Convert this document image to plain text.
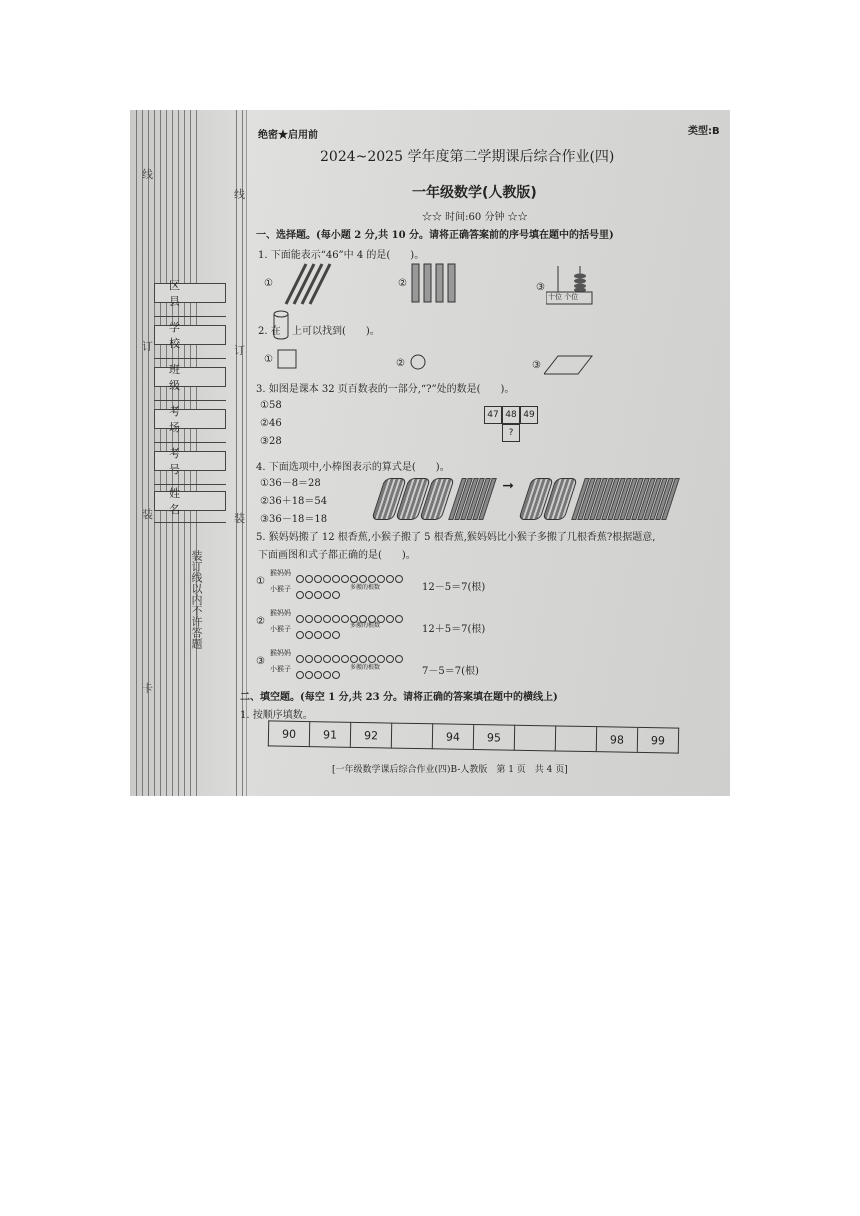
线
订
装
线
订
装
卡
区县
学校
班级
考场
考号
姓名
装订线以内不许答题
绝密★启用前	类型:B
2024~2025 学年度第二学期课后综合作业(四)
一年级数学(人教版)
☆☆ 时间:60 分钟 ☆☆
一、选择题。(每小题 2 分,共 10 分。请将正确答案前的序号填在题中的括号里)
1. 下面能表示“46”中 4 的是(　　)。
①	②	③
十位 个位
2. 在 上可以找到(　　)。
①	②	③
3. 如图是课本 32 页百数表的一部分,“?”处的数是(　　)。
①58
②46
③28
47 48 49
?
4. 下面选项中,小棒图表示的算式是(　　)。
①36－8＝28
②36＋18＝54
③36－18＝18
➞
5. 猴妈妈搬了 12 根香蕉,小猴子搬了 5 根香蕉,猴妈妈比小猴子多搬了几根香蕉?根据题意,
下面画图和式子都正确的是(　　)。
①
猴妈妈
小猴子	多搬的根数	12－5＝7(根)
②
猴妈妈
小猴子	多搬的根数	12＋5＝7(根)
③
猴妈妈
小猴子	多搬的根数	7－5＝7(根)
二、填空题。(每空 1 分,共 23 分。请将正确的答案填在题中的横线上)
1. 按顺序填数。
90	91	92		94	95			98	99
[一年级数学课后综合作业(四)B-人教版　第 1 页　共 4 页]
